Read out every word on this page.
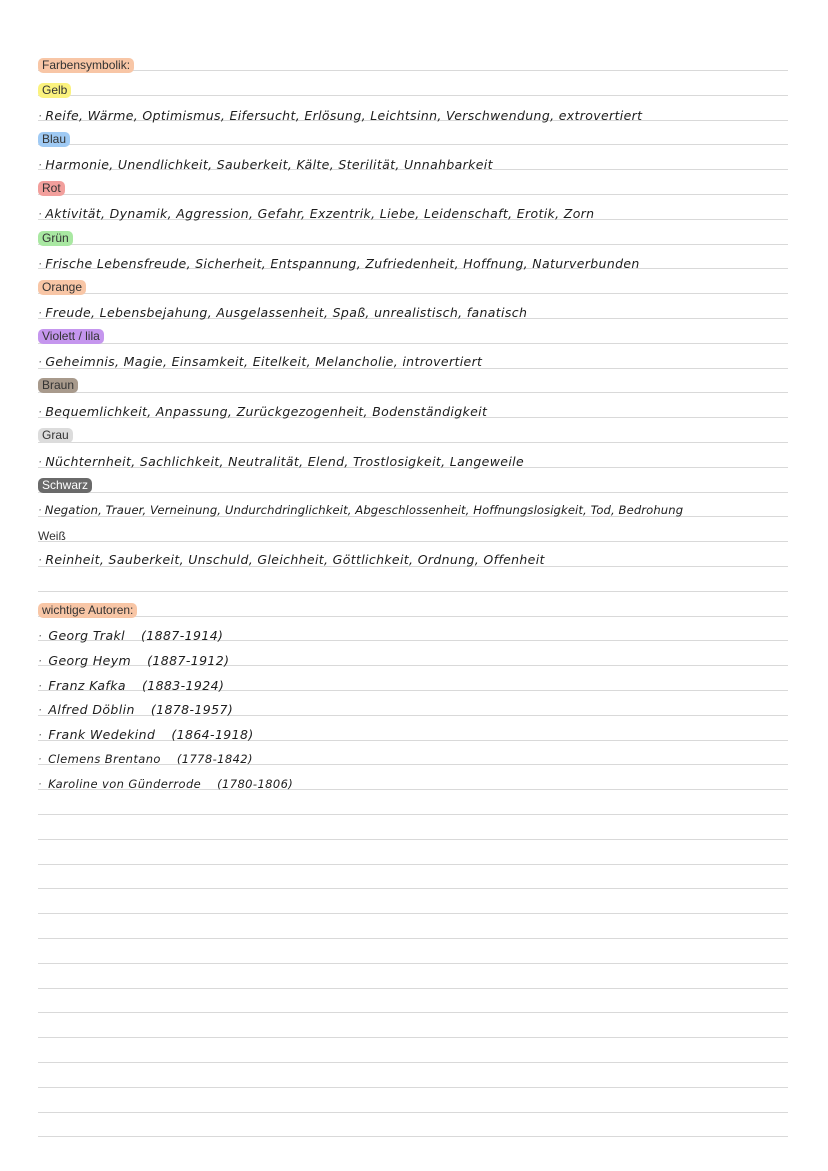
Farbensymbolik:
Gelb
· Reife, Wärme, Optimismus, Eifersucht, Erlösung, Leichtsinn, Verschwendung, extrovertiert
Blau
· Harmonie, Unendlichkeit, Sauberkeit, Kälte, Sterilität, Unnahbarkeit
Rot
· Aktivität, Dynamik, Aggression, Gefahr, Exzentrik, Liebe, Leidenschaft, Erotik, Zorn
Grün
· Frische Lebensfreude, Sicherheit, Entspannung, Zufriedenheit, Hoffnung, Naturverbunden
Orange
· Freude, Lebensbejahung, Ausgelassenheit, Spaß, unrealistisch, fanatisch
Violett / lila
· Geheimnis, Magie, Einsamkeit, Eitelkeit, Melancholie, introvertiert
Braun
· Bequemlichkeit, Anpassung, Zurückgezogenheit, Bodenständigkeit
Grau
· Nüchternheit, Sachlichkeit, Neutralität, Elend, Trostlosigkeit, Langeweile
Schwarz
· Negation, Trauer, Verneinung, Undurchdringlichkeit, Abgeschlossenheit, Hoffnungslosigkeit, Tod, Bedrohung
Weiß
· Reinheit, Sauberkeit, Unschuld, Gleichheit, Göttlichkeit, Ordnung, Offenheit
wichtige Autoren:
· Georg Trakl (1887-1914)
· Georg Heym (1887-1912)
· Franz Kafka (1883-1924)
· Alfred Döblin (1878-1957)
· Frank Wedekind (1864-1918)
· Clemens Brentano (1778-1842)
· Karoline von Günderrode (1780-1806)
